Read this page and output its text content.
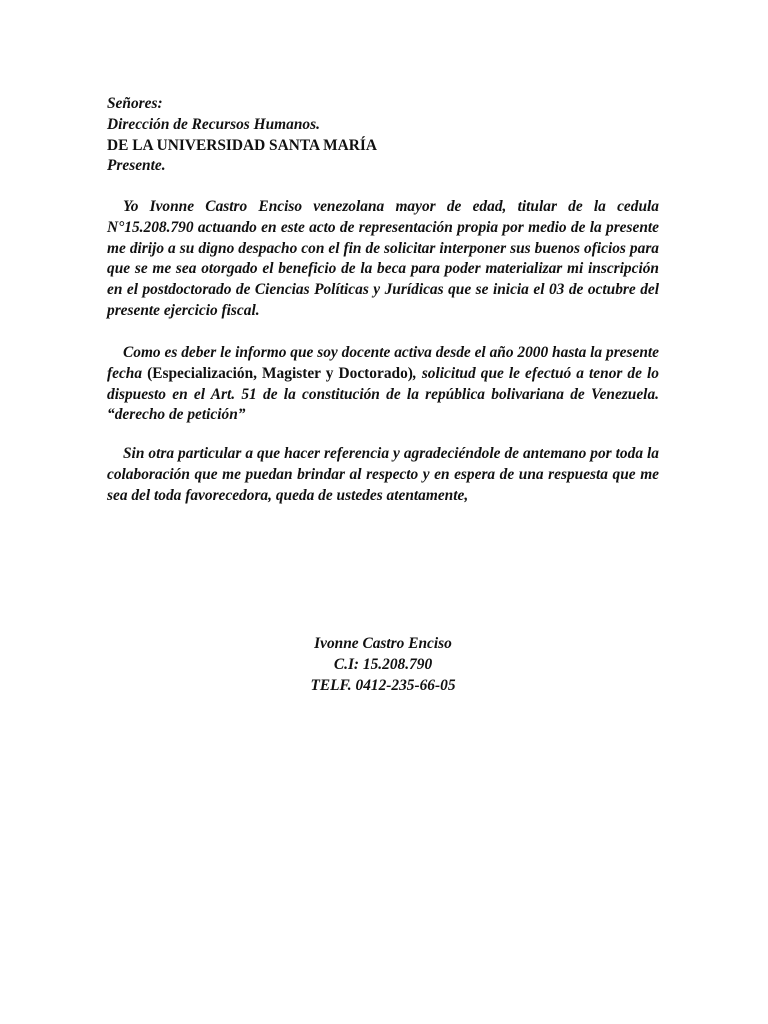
Señores:
Dirección de Recursos Humanos.
DE LA UNIVERSIDAD SANTA MARÍA
Presente.

Yo Ivonne Castro Enciso venezolana mayor de edad, titular de la cedula N°15.208.790 actuando en este acto de representación propia por medio de la presente me dirijo a su digno despacho con el fin de solicitar interponer sus buenos oficios para que se me sea otorgado el beneficio de la beca para poder materializar mi inscripción en el postdoctorado de Ciencias Políticas y Jurídicas que se inicia el 03 de octubre del presente ejercicio fiscal.

Como es deber le informo que soy docente activa desde el año 2000 hasta la presente fecha (Especialización, Magister y Doctorado), solicitud que le efectuó a tenor de lo dispuesto en el Art. 51 de la constitución de la república bolivariana de Venezuela. “derecho de petición”

Sin otra particular a que hacer referencia y agradeciéndole de antemano por toda la colaboración que me puedan brindar al respecto y en espera de una respuesta que me sea del toda favorecedora, queda de ustedes atentamente,

Ivonne Castro Enciso
C.I: 15.208.790
TELF. 0412-235-66-05
